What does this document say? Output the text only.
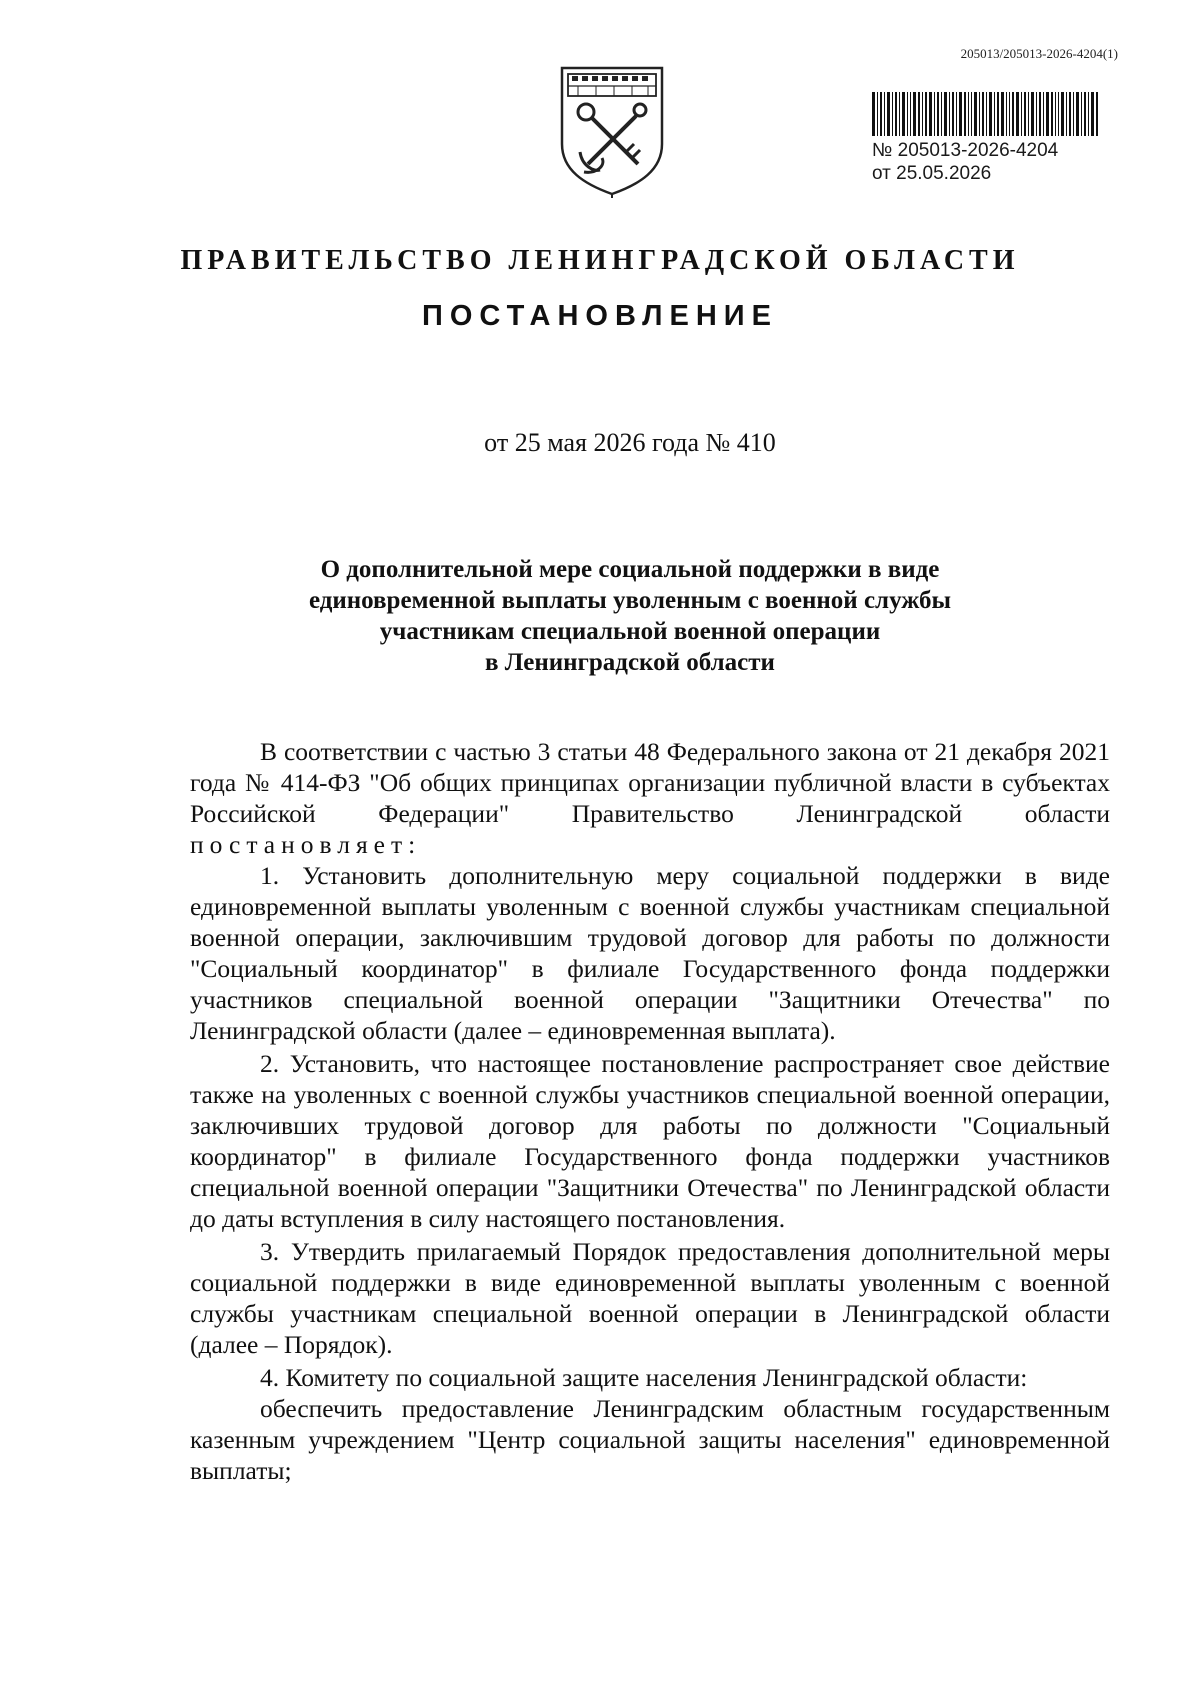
205013/205013-2026-4204(1)
№ 205013-2026-4204
от 25.05.2026
ПРАВИТЕЛЬСТВО ЛЕНИНГРАДСКОЙ ОБЛАСТИ
ПОСТАНОВЛЕНИЕ
от 25 мая 2026 года № 410
О дополнительной мере социальной поддержки в виде
единовременной выплаты уволенным с военной службы
участникам специальной военной операции
в Ленинградской области

В соответствии с частью 3 статьи 48 Федерального закона от 21 декабря 2021 года № 414-ФЗ "Об общих принципах организации публичной власти в субъектах Российской Федерации" Правительство Ленинградской области постановляет:

1. Установить дополнительную меру социальной поддержки в виде единовременной выплаты уволенным с военной службы участникам специальной военной операции, заключившим трудовой договор для работы по должности "Социальный координатор" в филиале Государственного фонда поддержки участников специальной военной операции "Защитники Отечества" по Ленинградской области (далее – единовременная выплата).

2. Установить, что настоящее постановление распространяет свое действие также на уволенных с военной службы участников специальной военной операции, заключивших трудовой договор для работы по должности "Социальный координатор" в филиале Государственного фонда поддержки участников специальной военной операции "Защитники Отечества" по Ленинградской области до даты вступления в силу настоящего постановления.

3. Утвердить прилагаемый Порядок предоставления дополнительной меры социальной поддержки в виде единовременной выплаты уволенным с военной службы участникам специальной военной операции в Ленинградской области (далее – Порядок).

4. Комитету по социальной защите населения Ленинградской области:

обеспечить предоставление Ленинградским областным государственным казенным учреждением "Центр социальной защиты населения" единовременной выплаты;
